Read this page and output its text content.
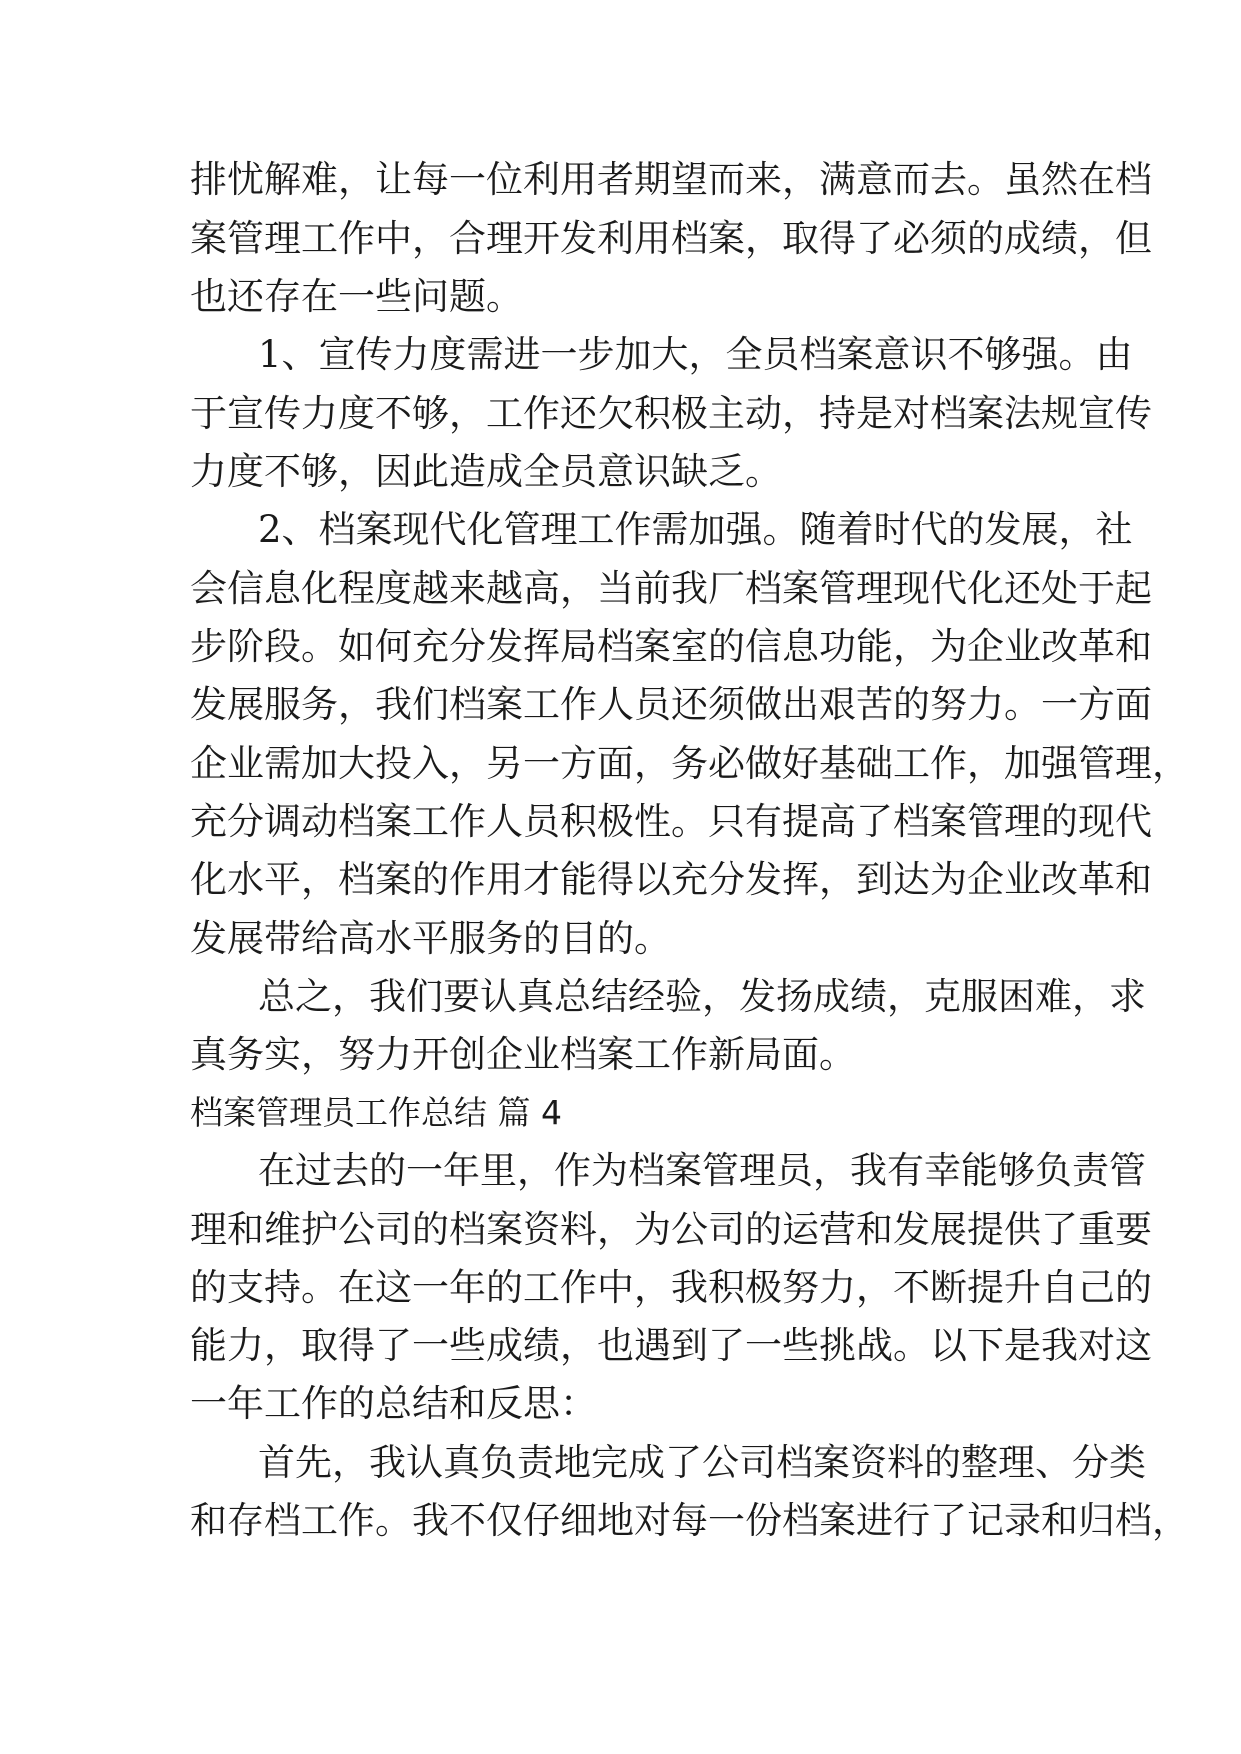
排忧解难，让每一位利用者期望而来，满意而去。虽然在档
案管理工作中，合理开发利用档案，取得了必须的成绩，但
也还存在一些问题。
1、宣传力度需进一步加大，全员档案意识不够强。由
于宣传力度不够，工作还欠积极主动，持是对档案法规宣传
力度不够，因此造成全员意识缺乏。
2、档案现代化管理工作需加强。随着时代的发展，社
会信息化程度越来越高，当前我厂档案管理现代化还处于起
步阶段。如何充分发挥局档案室的信息功能，为企业改革和
发展服务，我们档案工作人员还须做出艰苦的努力。一方面
企业需加大投入，另一方面，务必做好基础工作，加强管理，
充分调动档案工作人员积极性。只有提高了档案管理的现代
化水平，档案的作用才能得以充分发挥，到达为企业改革和
发展带给高水平服务的目的。
总之，我们要认真总结经验，发扬成绩，克服困难，求
真务实，努力开创企业档案工作新局面。
档案管理员工作总结 篇 4
在过去的一年里，作为档案管理员，我有幸能够负责管
理和维护公司的档案资料，为公司的运营和发展提供了重要
的支持。在这一年的工作中，我积极努力，不断提升自己的
能力，取得了一些成绩，也遇到了一些挑战。以下是我对这
一年工作的总结和反思：
首先，我认真负责地完成了公司档案资料的整理、分类
和存档工作。我不仅仔细地对每一份档案进行了记录和归档，
